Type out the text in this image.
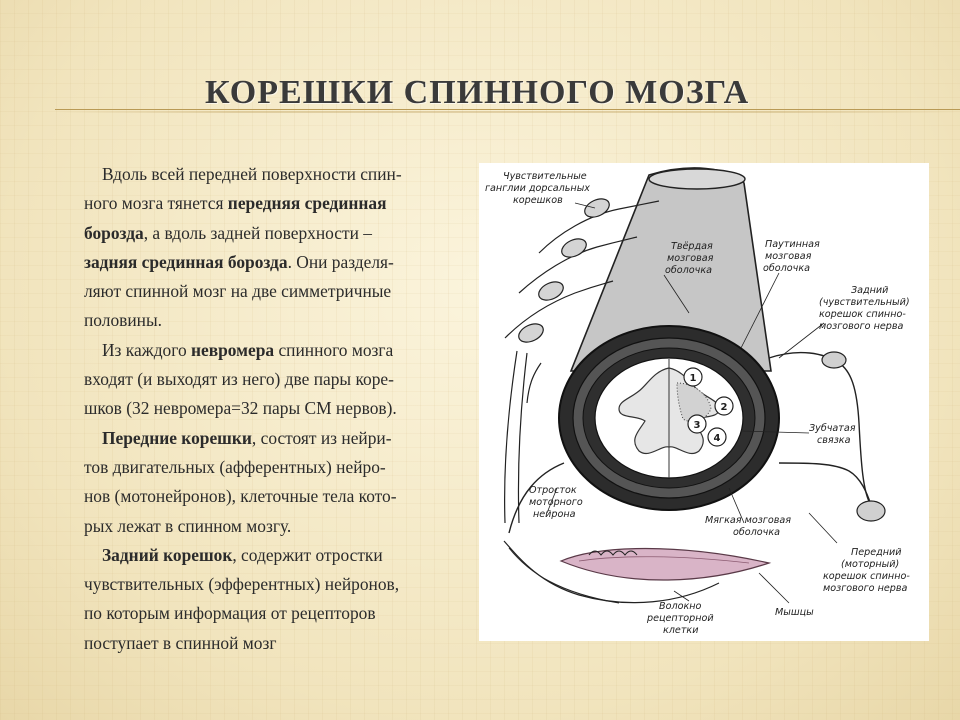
КОРЕШКИ СПИННОГО МОЗГА

Вдоль всей передней поверхности спин-
ного мозга тянется передняя срединная
борозда, а вдоль задней поверхности –
задняя срединная борозда. Они разделя-
ляют спинной мозг на две симметричные
половины.

Из каждого невромера спинного мозга
входят (и выходят из него) две пары коре-
шков (32 невромера=32 пары СМ нервов).

Передние корешки, состоят из нейри-
тов двигательных (афферентных) нейро-
нов (мотонейронов), клеточные тела кото-
рых лежат в спинном мозгу.

Задний корешок, содержит отростки
чувствительных (эфферентных) нейронов,
по которым информация от рецепторов
поступает в спинной мозг

1
2
3
4
Чувствительные
ганглии дорсальных
корешков
Твёрдая
мозговая
оболочка
Паутинная
мозговая
оболочка
Задний
(чувствительный)
корешок спинно-
мозгового нерва
Зубчатая
связка
Отросток
моторного
нейрона
Мягкая мозговая
оболочка
Передний
(моторный)
корешок спинно-
мозгового нерва
Волокно
рецепторной
клетки
Мышцы
